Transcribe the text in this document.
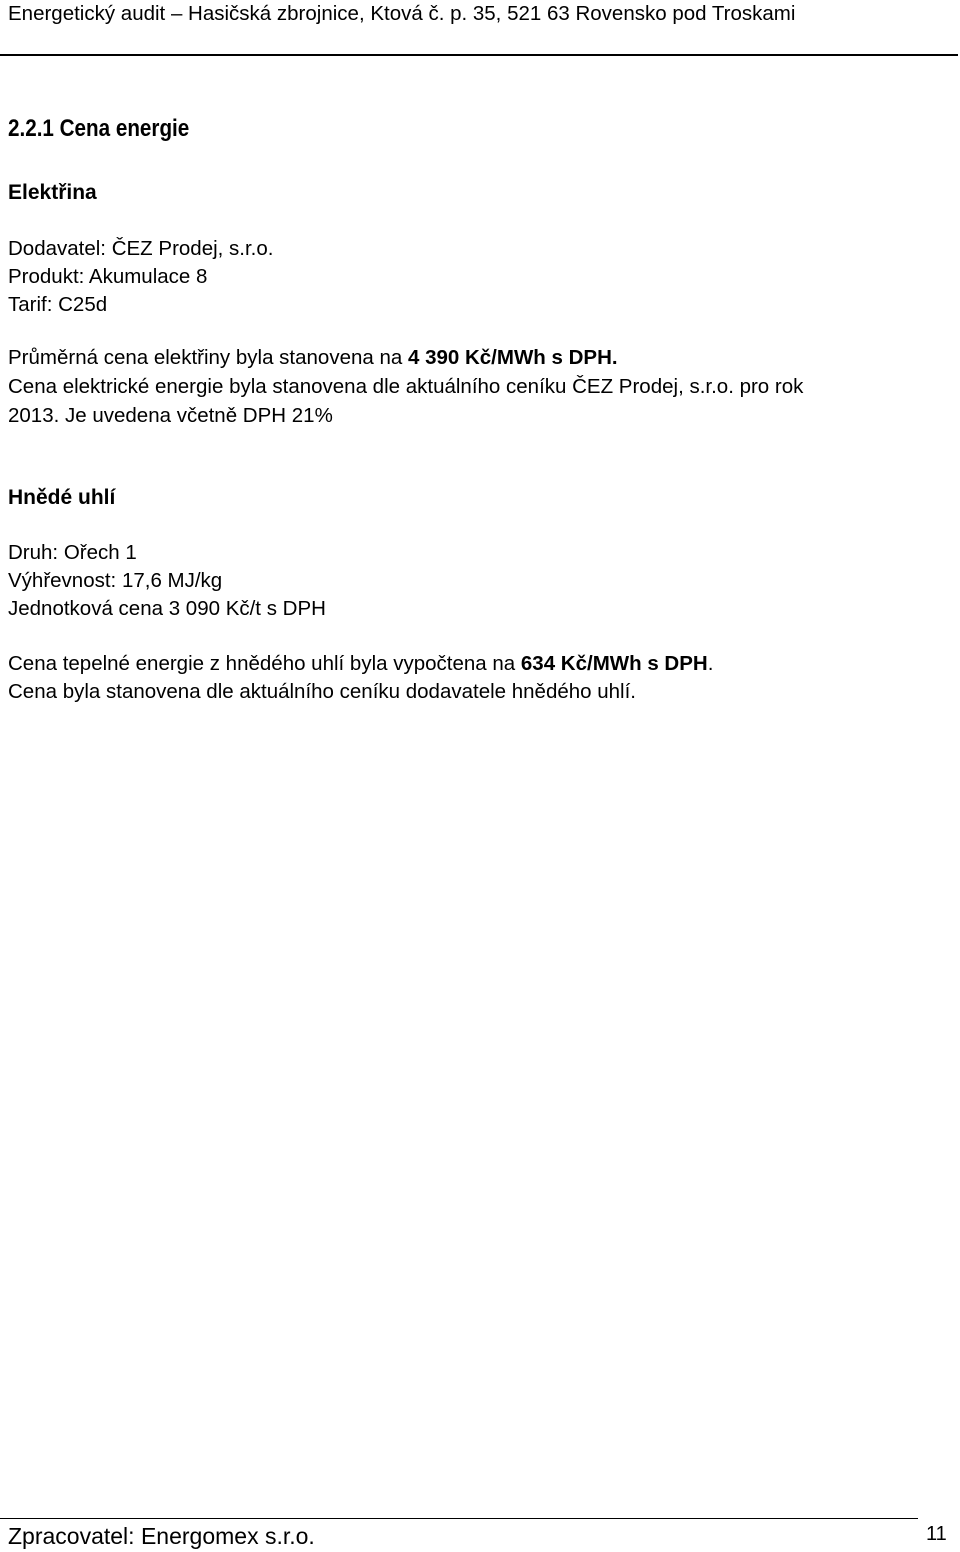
Energetický audit – Hasičská zbrojnice, Ktová č. p. 35, 521 63 Rovensko pod Troskami
2.2.1 Cena energie
Elektřina
Dodavatel: ČEZ Prodej, s.r.o.
Produkt: Akumulace 8
Tarif: C25d
Průměrná cena elektřiny byla stanovena na 4 390 Kč/MWh s DPH.
Cena elektrické energie byla stanovena dle aktuálního ceníku ČEZ Prodej, s.r.o. pro rok
2013. Je uvedena včetně DPH 21%
Hnědé uhlí
Druh: Ořech 1
Výhřevnost: 17,6 MJ/kg
Jednotková cena 3 090 Kč/t s DPH
Cena tepelné energie z hnědého uhlí byla vypočtena na 634 Kč/MWh s DPH.
Cena byla stanovena dle aktuálního ceníku dodavatele hnědého uhlí.
Zpracovatel: Energomex s.r.o.	11
